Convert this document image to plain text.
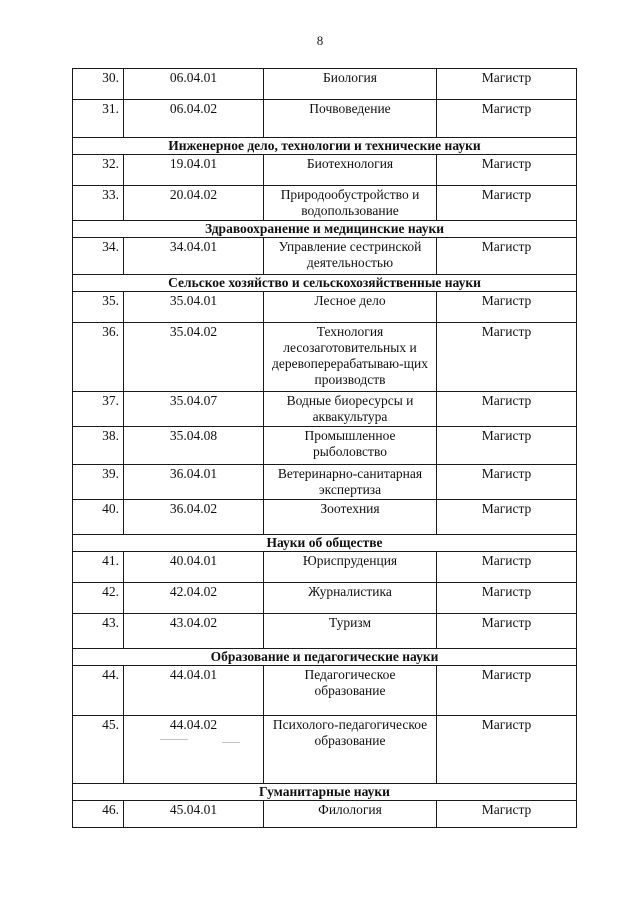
8
30.	06.04.01	Биология	Магистр
31.	06.04.02	Почвоведение	Магистр
Инженерное дело, технологии и технические науки			
32.	19.04.01	Биотехнология	Магистр
33.	20.04.02	Природообустройство и водопользование	Магистр
Здравоохранение и медицинские науки			
34.	34.04.01	Управление сестринской деятельностью	Магистр
Сельское хозяйство и сельскохозяйственные науки			
35.	35.04.01	Лесное дело	Магистр
36.	35.04.02	Технология лесозаготовительных и деревоперерабатываю-щих производств	Магистр
37.	35.04.07	Водные биоресурсы и аквакультура	Магистр
38.	35.04.08	Промышленное рыболовство	Магистр
39.	36.04.01	Ветеринарно-санитарная экспертиза	Магистр
40.	36.04.02	Зоотехния	Магистр
Науки об обществе			
41.	40.04.01	Юриспруденция	Магистр
42.	42.04.02	Журналистика	Магистр
43.	43.04.02	Туризм	Магистр
Образование и педагогические науки			
44.	44.04.01	Педагогическое образование	Магистр
45.	44.04.02	Психолого-педагогическое образование	Магистр
Гуманитарные науки			
46.	45.04.01	Филология	Магистр
